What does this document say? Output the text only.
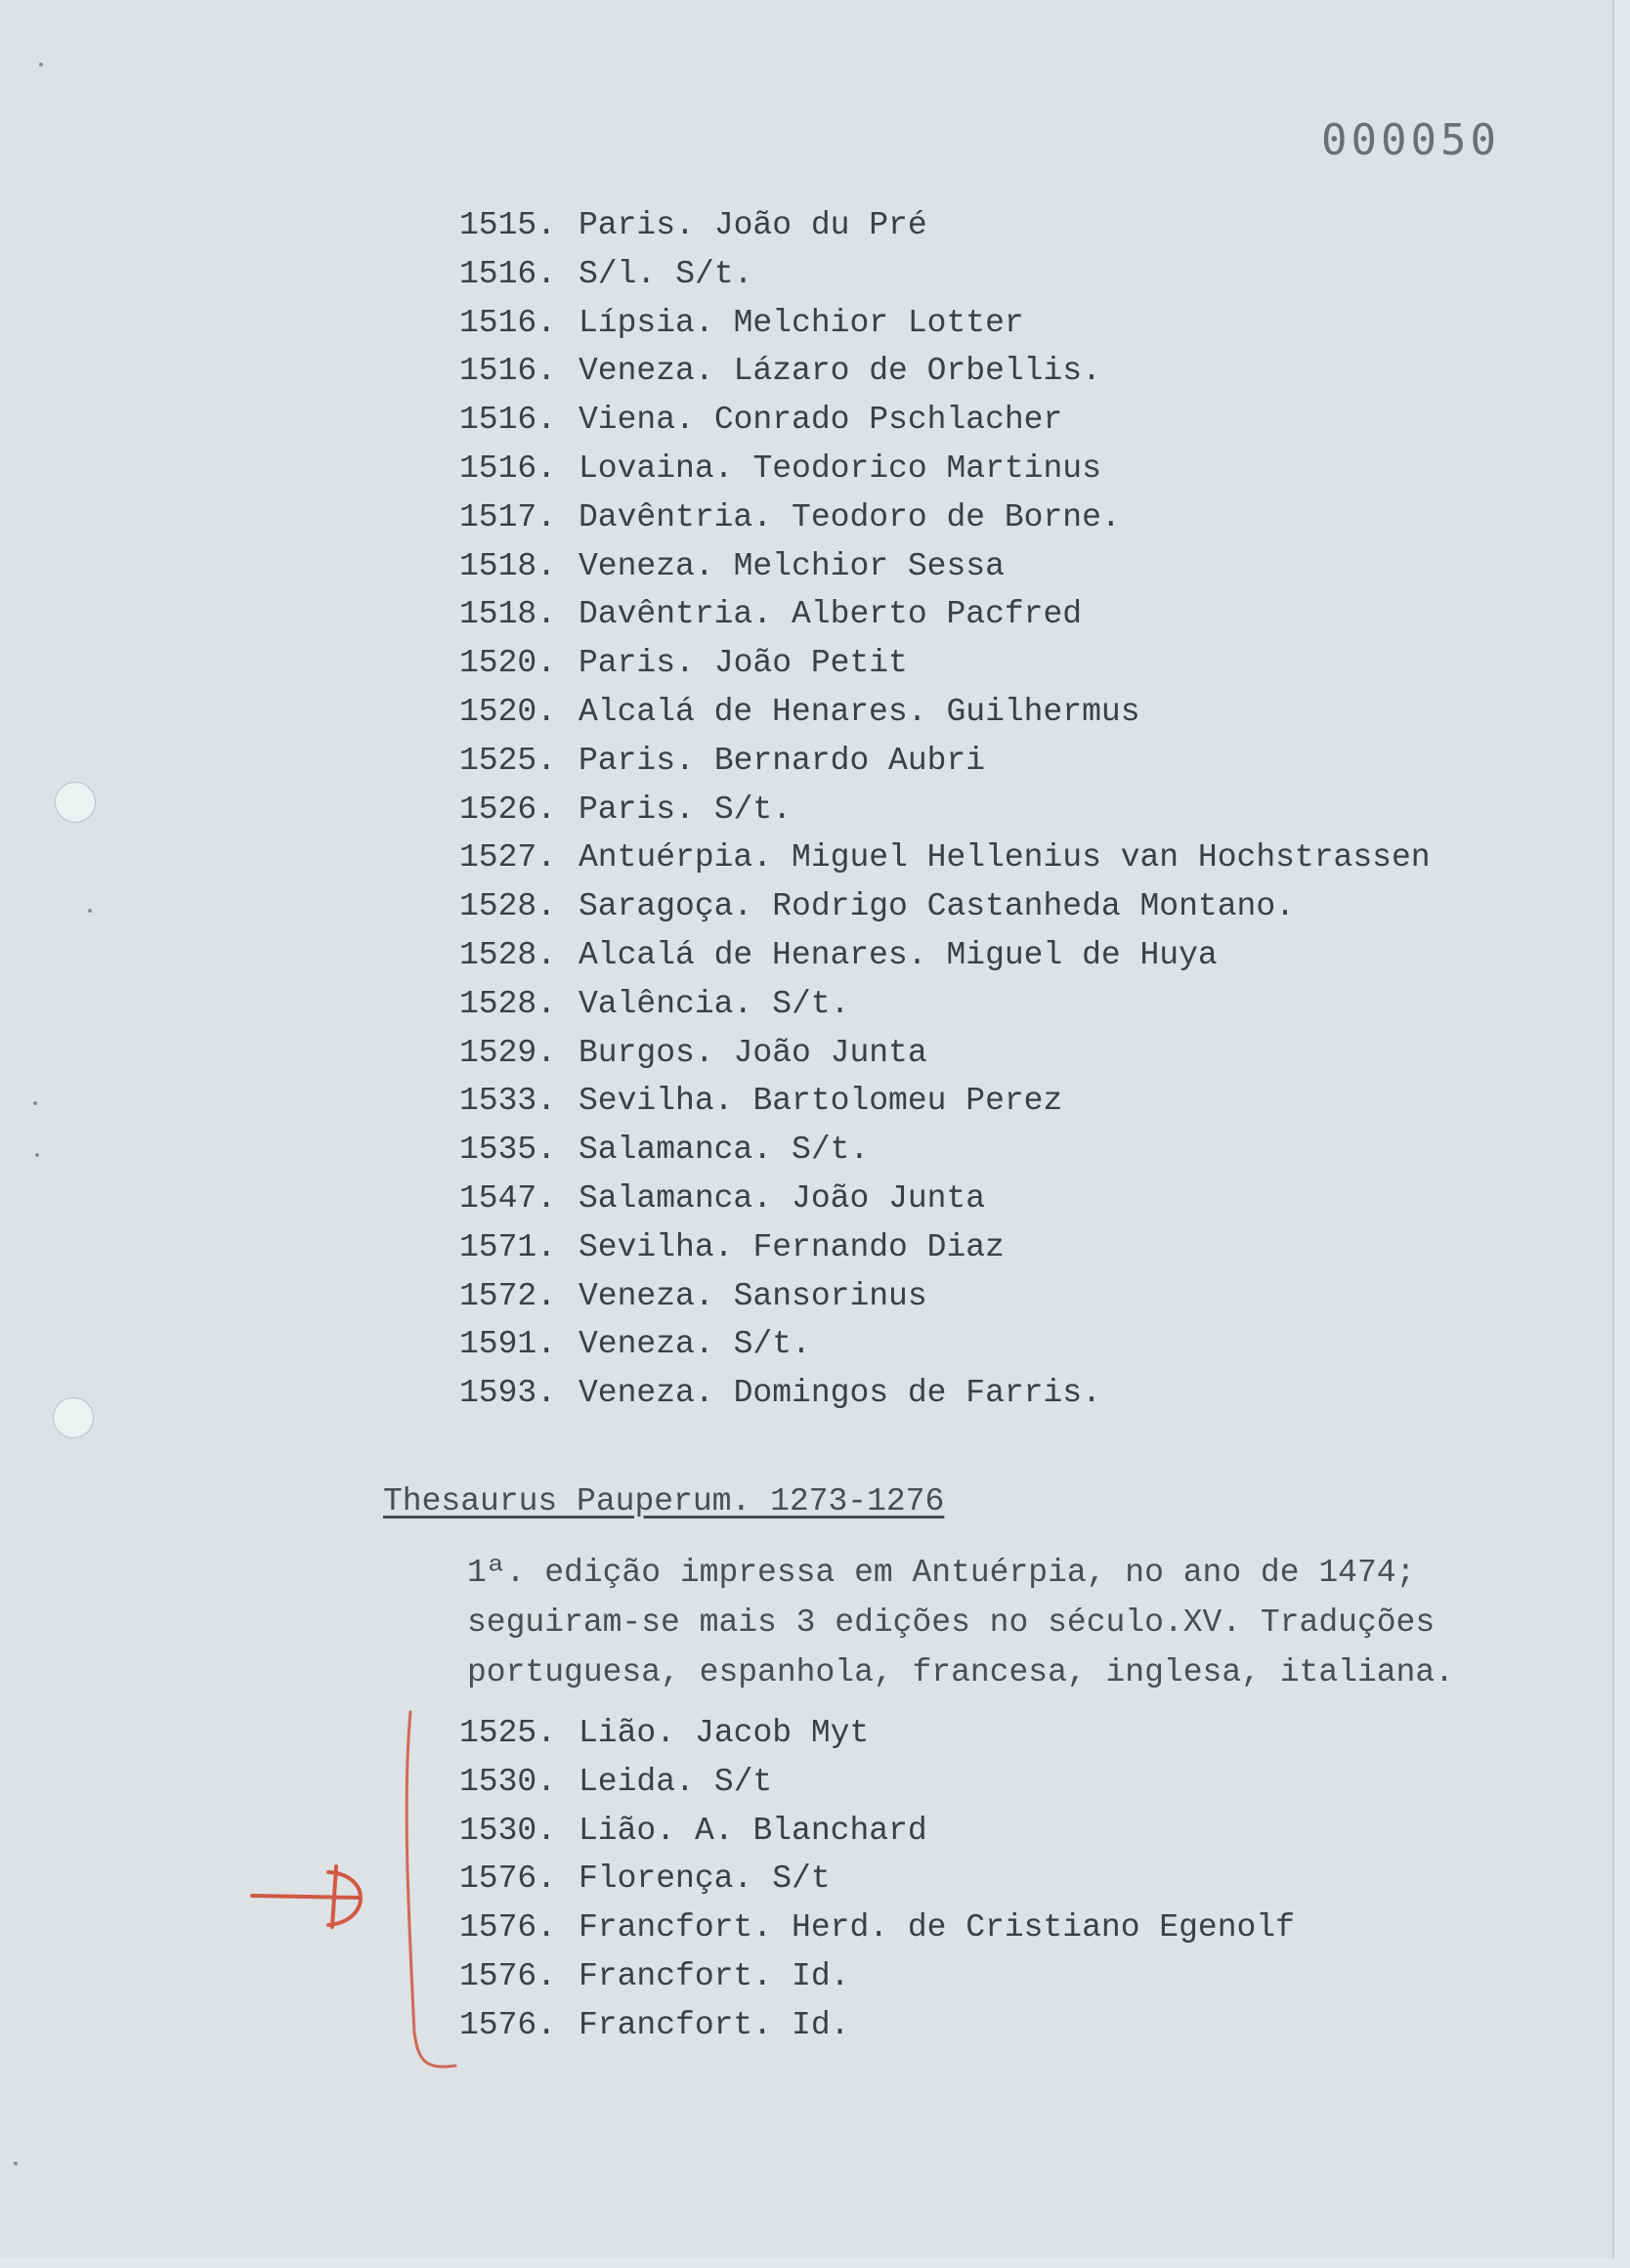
000050
1515. Paris. João du Pré
1516. S/l. S/t.
1516. Lípsia. Melchior Lotter
1516. Veneza. Lázaro de Orbellis.
1516. Viena. Conrado Pschlacher
1516. Lovaina. Teodorico Martinus
1517. Davêntria. Teodoro de Borne.
1518. Veneza. Melchior Sessa
1518. Davêntria. Alberto Pacfred
1520. Paris. João Petit
1520. Alcalá de Henares. Guilhermus
1525. Paris. Bernardo Aubri
1526. Paris. S/t.
1527. Antuérpia. Miguel Hellenius van Hochstrassen
1528. Saragoça. Rodrigo Castanheda Montano.
1528. Alcalá de Henares. Miguel de Huya
1528. Valência. S/t.
1529. Burgos. João Junta
1533. Sevilha. Bartolomeu Perez
1535. Salamanca. S/t.
1547. Salamanca. João Junta
1571. Sevilha. Fernando Diaz
1572. Veneza. Sansorinus
1591. Veneza. S/t.
1593. Veneza. Domingos de Farris.
Thesaurus Pauperum. 1273-1276

1ª. edição impressa em Antuérpia, no ano de 1474;
seguiram-se mais 3 edições no século.XV. Traduções
portuguesa, espanhola, francesa, inglesa, italiana.

1525. Lião. Jacob Myt
1530. Leida. S/t
1530. Lião. A. Blanchard
1576. Florença. S/t
1576. Francfort. Herd. de Cristiano Egenolf
1576. Francfort. Id.
1576. Francfort. Id.
